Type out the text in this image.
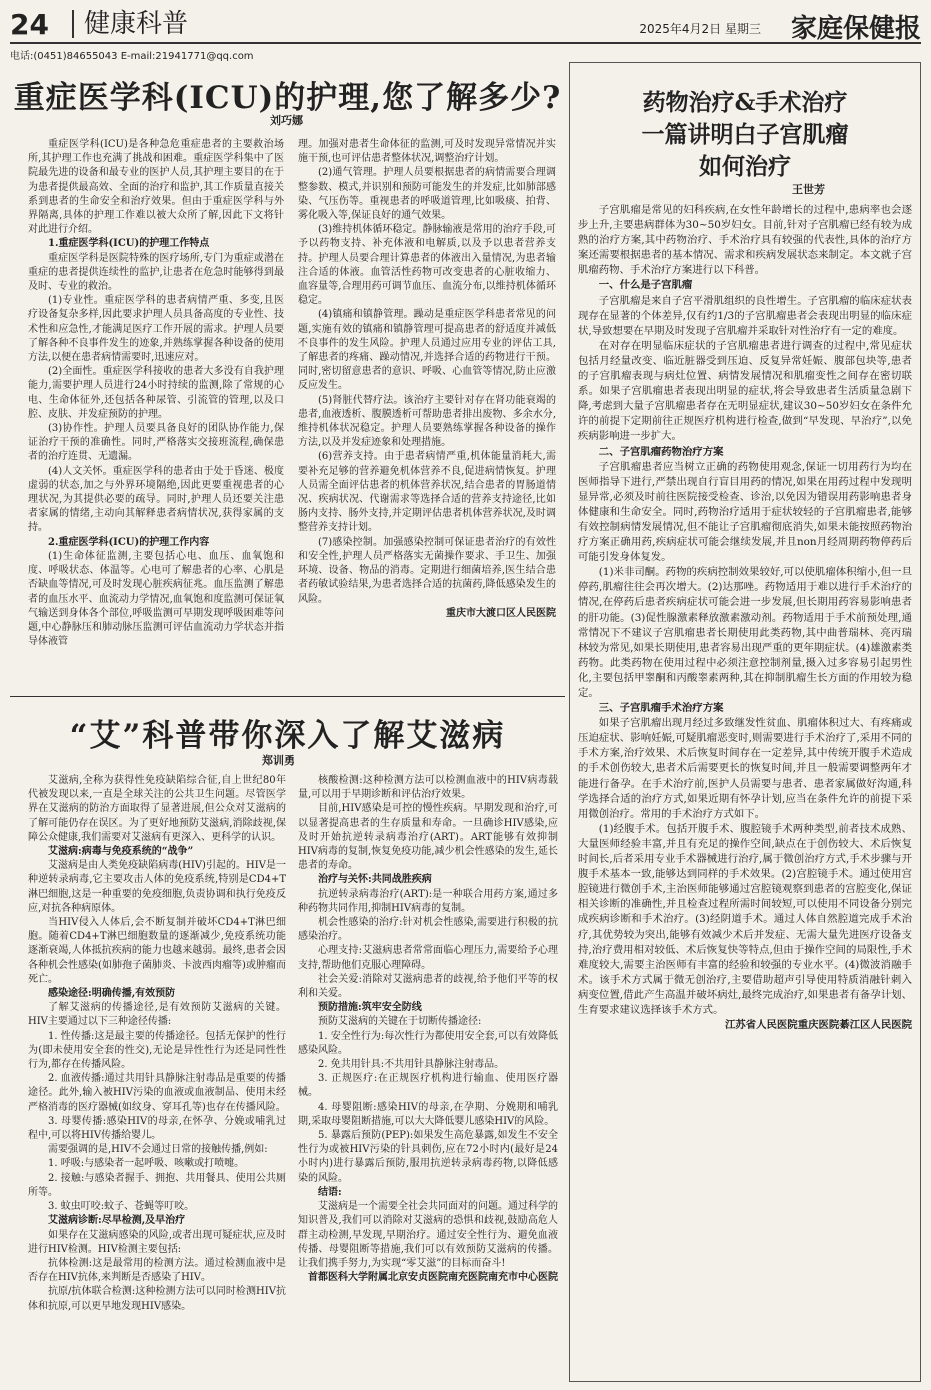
24	健康科普	2025年4月2日 星期三 家庭保健报
电话:(0451)84655043 E-mail:21941771@qq.com
重症医学科(ICU)的护理,您了解多少?
刘巧娜

重症医学科(ICU)是各种急危重症患者的主要救治场所,其护理工作也充满了挑战和困难。重症医学科集中了医院最先进的设备和最专业的医护人员,其护理主要目的在于为患者提供最高效、全面的治疗和监护,其工作质量直接关系到患者的生命安全和治疗效果。但由于重症医学科与外界隔离,具体的护理工作难以被大众所了解,因此下文将针对此进行介绍。

1.重症医学科(ICU)的护理工作特点

重症医学科是医院特殊的医疗场所,专门为重症或潜在重症的患者提供连续性的监护,让患者在危急时能够得到最及时、专业的救治。

(1)专业性。重症医学科的患者病情严重、多变,且医疗设备复杂多样,因此要求护理人员具备高度的专业性、技术性和应急性,才能满足医疗工作开展的需求。护理人员要了解各种不良事件发生的迹象,并熟练掌握各种设备的使用方法,以便在患者病情需要时,迅速应对。

(2)全面性。重症医学科接收的患者大多没有自我护理能力,需要护理人员进行24小时持续的监测,除了常规的心电、生命体征外,还包括各种尿管、引流管的管理,以及口腔、皮肤、并发症预防的护理。

(3)协作性。护理人员要具备良好的团队协作能力,保证治疗干预的准确性。同时,严格落实交接班流程,确保患者的治疗连贯、无遗漏。

(4)人文关怀。重症医学科的患者由于处于昏迷、极度虚弱的状态,加之与外界环境隔绝,因此更要重视患者的心理状况,为其提供必要的疏导。同时,护理人员还要关注患者家属的情绪,主动向其解释患者病情状况,获得家属的支持。

2.重症医学科(ICU)的护理工作内容

(1)生命体征监测,主要包括心电、血压、血氧饱和度、呼吸状态、体温等。心电可了解患者的心率、心肌是否缺血等情况,可及时发现心脏疾病征兆。血压监测了解患者的血压水平、血流动力学情况,血氧饱和度监测可保证氧气输送到身体各个部位,呼吸监测可早期发现呼吸困难等问题,中心静脉压和肺动脉压监测可评估血流动力学状态并指导体液管

理。加强对患者生命体征的监测,可及时发现异常情况并实施干预,也可评估患者整体状况,调整治疗计划。

(2)通气管理。护理人员要根据患者的病情需要合理调整参数、模式,并识别和预防可能发生的并发症,比如肺部感染、气压伤等。重视患者的呼吸道管理,比如吸痰、拍背、雾化吸入等,保证良好的通气效果。

(3)维持机体循环稳定。静脉输液是常用的治疗手段,可予以药物支持、补充体液和电解质,以及予以患者营养支持。护理人员要合理计算患者的体液出入量情况,为患者输注合适的体液。血管活性药物可改变患者的心脏收缩力、血容量等,合理用药可调节血压、血流分布,以维持机体循环稳定。

(4)镇痛和镇静管理。躁动是重症医学科患者常见的问题,实施有效的镇痛和镇静管理可提高患者的舒适度并减低不良事件的发生风险。护理人员通过应用专业的评估工具,了解患者的疼痛、躁动情况,并选择合适的药物进行干预。同时,密切留意患者的意识、呼吸、心血管等情况,防止应激反应发生。

(5)肾脏代替疗法。该治疗主要针对存在肾功能衰竭的患者,血液透析、腹膜透析可帮助患者排出废物、多余水分,维持机体状况稳定。护理人员要熟练掌握各种设备的操作方法,以及并发症迹象和处理措施。

(6)营养支持。由于患者病情严重,机体能量消耗大,需要补充足够的营养避免机体营养不良,促进病情恢复。护理人员需全面评估患者的机体营养状况,结合患者的胃肠道情况、疾病状况、代谢需求等选择合适的营养支持途径,比如肠内支持、肠外支持,并定期评估患者机体营养状况,及时调整营养支持计划。

(7)感染控制。加强感染控制可保证患者治疗的有效性和安全性,护理人员严格落实无菌操作要求、手卫生、加强环境、设备、物品的消毒。定期进行细菌培养,医生结合患者药敏试验结果,为患者选择合适的抗菌药,降低感染发生的风险。

重庆市大渡口区人民医院

“艾”科普带你深入了解艾滋病
郑训勇

艾滋病,全称为获得性免疫缺陷综合征,自上世纪80年代被发现以来,一直是全球关注的公共卫生问题。尽管医学界在艾滋病的防治方面取得了显著进展,但公众对艾滋病的了解可能仍存在误区。为了更好地预防艾滋病,消除歧视,保障公众健康,我们需要对艾滋病有更深入、更科学的认识。

艾滋病:病毒与免疫系统的“战争”

艾滋病是由人类免疫缺陷病毒(HIV)引起的。HIV是一种逆转录病毒,它主要攻击人体的免疫系统,特别是CD4+T淋巴细胞,这是一种重要的免疫细胞,负责协调和执行免疫反应,对抗各种病原体。

当HIV侵入人体后,会不断复制并破坏CD4+T淋巴细胞。随着CD4+T淋巴细胞数量的逐渐减少,免疫系统功能逐渐衰竭,人体抵抗疾病的能力也越来越弱。最终,患者会因各种机会性感染(如肺孢子菌肺炎、卡波西肉瘤等)或肿瘤而死亡。

感染途径:明确传播,有效预防

了解艾滋病的传播途径,是有效预防艾滋病的关键。HIV主要通过以下三种途径传播:

1. 性传播:这是最主要的传播途径。包括无保护的性行为(即未使用安全套的性交),无论是异性性行为还是同性性行为,都存在传播风险。

2. 血液传播:通过共用针具静脉注射毒品是重要的传播途径。此外,输入被HIV污染的血液或血液制品、使用未经严格消毒的医疗器械(如纹身、穿耳孔等)也存在传播风险。

3. 母婴传播:感染HIV的母亲,在怀孕、分娩或哺乳过程中,可以将HIV传播给婴儿。

需要强调的是,HIV不会通过日常的接触传播,例如:

1. 呼吸:与感染者一起呼吸、咳嗽或打喷嚏。

2. 接触:与感染者握手、拥抱、共用餐具、使用公共厕所等。

3. 蚊虫叮咬:蚊子、苍蝇等叮咬。

艾滋病诊断:尽早检测,及早治疗

如果存在艾滋病感染的风险,或者出现可疑症状,应及时进行HIV检测。HIV检测主要包括:

抗体检测:这是最常用的检测方法。通过检测血液中是否存在HIV抗体,来判断是否感染了HIV。

抗原/抗体联合检测:这种检测方法可以同时检测HIV抗体和抗原,可以更早地发现HIV感染。

核酸检测:这种检测方法可以检测血液中的HIV病毒载量,可以用于早期诊断和评估治疗效果。

目前,HIV感染是可控的慢性疾病。早期发现和治疗,可以显著提高患者的生存质量和寿命。一旦确诊HIV感染,应及时开始抗逆转录病毒治疗(ART)。ART能够有效抑制HIV病毒的复制,恢复免疫功能,减少机会性感染的发生,延长患者的寿命。

治疗与关怀:共同战胜疾病

抗逆转录病毒治疗(ART):是一种联合用药方案,通过多种药物共同作用,抑制HIV病毒的复制。

机会性感染的治疗:针对机会性感染,需要进行积极的抗感染治疗。

心理支持:艾滋病患者常常面临心理压力,需要给予心理支持,帮助他们克服心理障碍。

社会关爱:消除对艾滋病患者的歧视,给予他们平等的权利和关爱。

预防措施:筑牢安全防线

预防艾滋病的关键在于切断传播途径:

1. 安全性行为:每次性行为都使用安全套,可以有效降低感染风险。

2. 免共用针具:不共用针具静脉注射毒品。

3. 正规医疗:在正规医疗机构进行输血、使用医疗器械。

4. 母婴阻断:感染HIV的母亲,在孕期、分娩期和哺乳期,采取母婴阻断措施,可以大大降低婴儿感染HIV的风险。

5. 暴露后预防(PEP):如果发生高危暴露,如发生不安全性行为或被HIV污染的针具刺伤,应在72小时内(最好是24小时内)进行暴露后预防,服用抗逆转录病毒药物,以降低感染的风险。

结语:

艾滋病是一个需要全社会共同面对的问题。通过科学的知识普及,我们可以消除对艾滋病的恐惧和歧视,鼓励高危人群主动检测,早发现,早期治疗。通过安全性行为、避免血液传播、母婴阻断等措施,我们可以有效预防艾滋病的传播。让我们携手努力,为实现“零艾滋”的目标而奋斗!

首都医科大学附属北京安贞医院南充医院南充市中心医院

药物治疗&手术治疗
一篇讲明白子宫肌瘤
如何治疗
王世芳

子宫肌瘤是常见的妇科疾病,在女性年龄增长的过程中,患病率也会逐步上升,主要患病群体为30~50岁妇女。目前,针对子宫肌瘤已经有较为成熟的治疗方案,其中药物治疗、手术治疗具有较强的代表性,具体的治疗方案还需要根据患者的基本情况、需求和疾病发展状态来制定。本文就子宫肌瘤药物、手术治疗方案进行以下科普。

一、什么是子宫肌瘤

子宫肌瘤是来自子宫平滑肌组织的良性增生。子宫肌瘤的临床症状表现存在显著的个体差异,仅有约1/3的子宫肌瘤患者会表现出明显的临床症状,导致想要在早期及时发现子宫肌瘤并采取针对性治疗有一定的难度。

在对存在明显临床症状的子宫肌瘤患者进行调查的过程中,常见症状包括月经量改变、临近脏器受到压迫、反复异常妊娠、腹部包块等,患者的子宫肌瘤表现与病灶位置、病情发展情况和肌瘤变性之间存在密切联系。如果子宫肌瘤患者表现出明显的症状,将会导致患者生活质量急剧下降,考虑到大量子宫肌瘤患者存在无明显症状,建议30~50岁妇女在条件允许的前提下定期前往正规医疗机构进行检查,做到“早发现、早治疗”,以免疾病影响进一步扩大。

二、子宫肌瘤药物治疗方案

子宫肌瘤患者应当树立正确的药物使用观念,保证一切用药行为均在医师指导下进行,严禁出现自行盲目用药的情况,如果在用药过程中发现明显异常,必须及时前往医院接受检查、诊治,以免因为错误用药影响患者身体健康和生命安全。同时,药物治疗适用于症状较轻的子宫肌瘤患者,能够有效控制病情发展情况,但不能让子宫肌瘤彻底消失,如果未能按照药物治疗方案正确用药,疾病症状可能会继续发展,并且non月经周期药物停药后可能引发身体复发。

(1)米非司酮。药物的疾病控制效果较好,可以使肌瘤体积缩小,但一旦停药,肌瘤往往会再次增大。(2)达那唑。药物适用于难以进行手术治疗的情况,在停药后患者疾病症状可能会进一步发展,但长期用药容易影响患者的肝功能。(3)促性腺激素释放激素激动剂。药物适用于手术前预处理,通常情况下不建议子宫肌瘤患者长期使用此类药物,其中曲普瑞林、亮丙瑞林较为常见,如果长期使用,患者容易出现严重的更年期症状。(4)雄激素类药物。此类药物在使用过程中必须注意控制剂量,摄入过多容易引起男性化,主要包括甲睾酮和丙酸睾素两种,其在抑制肌瘤生长方面的作用较为稳定。

三、子宫肌瘤手术治疗方案

如果子宫肌瘤出现月经过多致继发性贫血、肌瘤体积过大、有疼痛或压迫症状、影响妊娠,可疑肌瘤恶变时,则需要进行手术治疗了,采用不同的手术方案,治疗效果、术后恢复时间存在一定差异,其中传统开腹手术造成的手术创伤较大,患者术后需要更长的恢复时间,并且一般需要调整两年才能进行备孕。在手术治疗前,医护人员需要与患者、患者家属做好沟通,科学选择合适的治疗方式,如果近期有怀孕计划,应当在条件允许的前提下采用微创治疗。常用的手术治疗方式如下。

(1)经腹手术。包括开腹手术、腹腔镜手术两种类型,前者技术成熟、大量医师经验丰富,并且有充足的操作空间,缺点在于创伤较大、术后恢复时间长,后者采用专业手术器械进行治疗,属于微创治疗方式,手术步骤与开腹手术基本一致,能够达到同样的手术效果。(2)宫腔镜手术。通过使用宫腔镜进行微创手术,主治医师能够通过宫腔镜观察到患者的宫腔变化,保证相关诊断的准确性,并且检查过程所需时间较短,可以使用不同设备分别完成疾病诊断和手术治疗。(3)经阴道手术。通过人体自然腔道完成手术治疗,其优势较为突出,能够有效减少术后并发症、无需大量先进医疗设备支持,治疗费用相对较低、术后恢复快等特点,但由于操作空间的局限性,手术难度较大,需要主治医师有丰富的经验和较强的专业水平。(4)微波消融手术。该手术方式属于微无创治疗,主要借助超声引导使用特质消融针刺入病变位置,借此产生高温并破坏病灶,最终完成治疗,如果患者有备孕计划、生育要求建议选择该手术方式。

江苏省人民医院重庆医院綦江区人民医院
